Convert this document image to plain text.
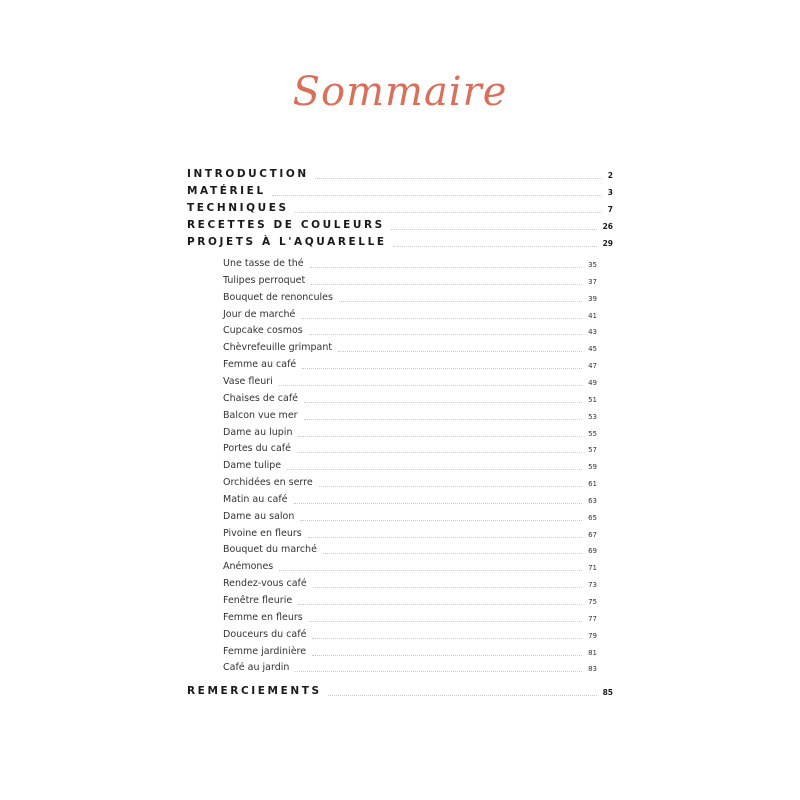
Sommaire
INTRODUCTION	2
MATÉRIEL	3
TECHNIQUES	7
RECETTES DE COULEURS	26
PROJETS À L'AQUARELLE	29
Une tasse de thé	35
Tulipes perroquet	37
Bouquet de renoncules	39
Jour de marché	41
Cupcake cosmos	43
Chèvrefeuille grimpant	45
Femme au café	47
Vase fleuri	49
Chaises de café	51
Balcon vue mer	53
Dame au lupin	55
Portes du café	57
Dame tulipe	59
Orchidées en serre	61
Matin au café	63
Dame au salon	65
Pivoine en fleurs	67
Bouquet du marché	69
Anémones	71
Rendez-vous café	73
Fenêtre fleurie	75
Femme en fleurs	77
Douceurs du café	79
Femme jardinière	81
Café au jardin	83
REMERCIEMENTS	85
